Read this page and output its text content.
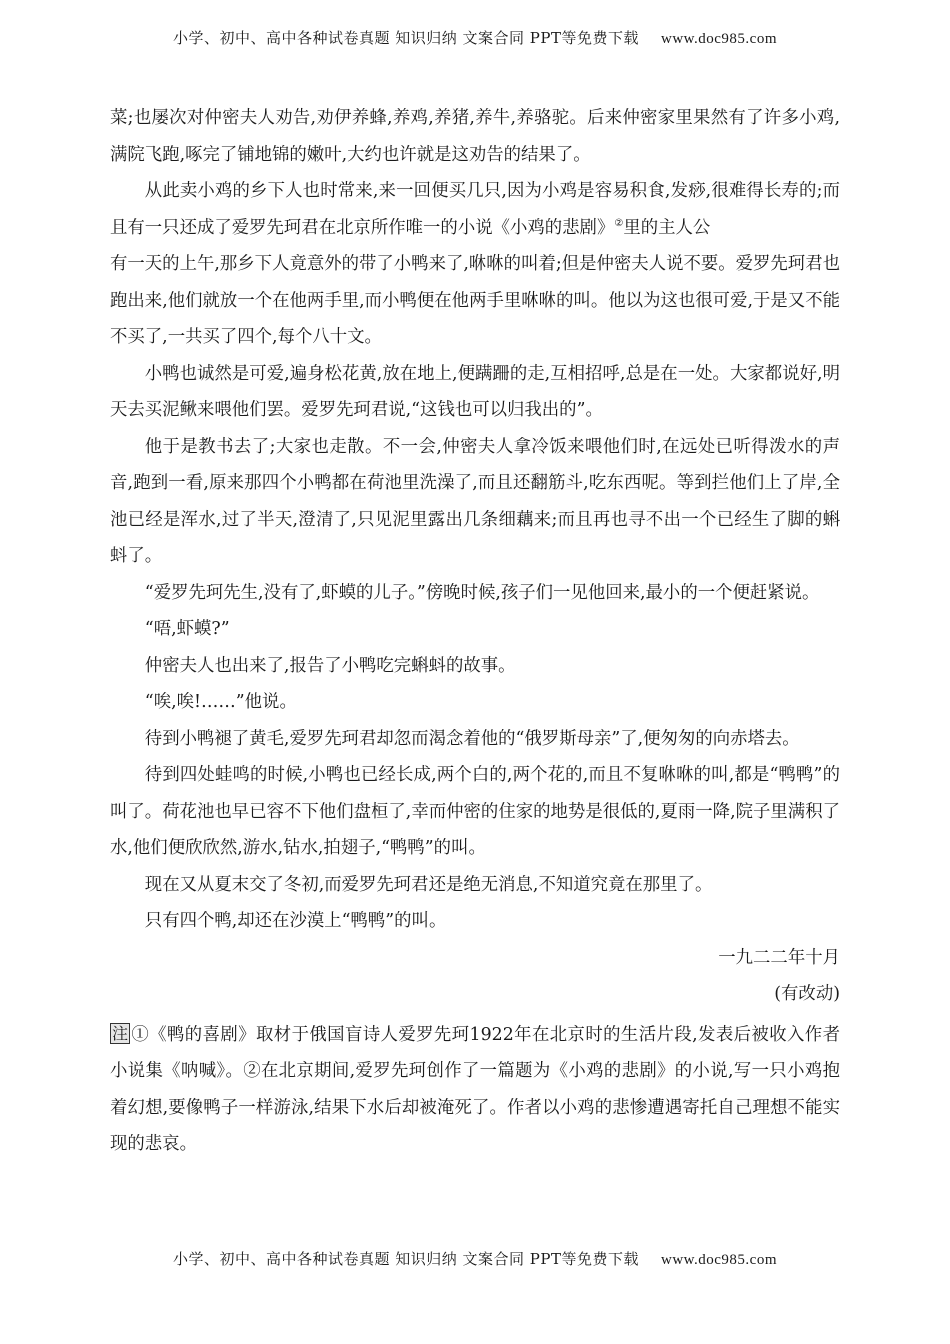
小学、初中、高中各种试卷真题 知识归纳 文案合同 PPT等免费下载 www.doc985.com

菜;也屡次对仲密夫人劝告,劝伊养蜂,养鸡,养猪,养牛,养骆驼。后来仲密家里果然有了许多小鸡,满院飞跑,啄完了铺地锦的嫩叶,大约也许就是这劝告的结果了。

从此卖小鸡的乡下人也时常来,来一回便买几只,因为小鸡是容易积食,发痧,很难得长寿的;而且有一只还成了爱罗先珂君在北京所作唯一的小说《小鸡的悲剧》②里的主人公

有一天的上午,那乡下人竟意外的带了小鸭来了,咻咻的叫着;但是仲密夫人说不要。爱罗先珂君也跑出来,他们就放一个在他两手里,而小鸭便在他两手里咻咻的叫。他以为这也很可爱,于是又不能不买了,一共买了四个,每个八十文。

小鸭也诚然是可爱,遍身松花黄,放在地上,便蹒跚的走,互相招呼,总是在一处。大家都说好,明天去买泥鳅来喂他们罢。爱罗先珂君说,“这钱也可以归我出的”。

他于是教书去了;大家也走散。不一会,仲密夫人拿冷饭来喂他们时,在远处已听得泼水的声音,跑到一看,原来那四个小鸭都在荷池里洗澡了,而且还翻筋斗,吃东西呢。等到拦他们上了岸,全池已经是浑水,过了半天,澄清了,只见泥里露出几条细藕来;而且再也寻不出一个已经生了脚的蝌蚪了。

“爱罗先珂先生,没有了,虾蟆的儿子。”傍晚时候,孩子们一见他回来,最小的一个便赶紧说。

“唔,虾蟆?”

仲密夫人也出来了,报告了小鸭吃完蝌蚪的故事。

“唉,唉!……”他说。

待到小鸭褪了黄毛,爱罗先珂君却忽而渴念着他的“俄罗斯母亲”了,便匆匆的向赤塔去。

待到四处蛙鸣的时候,小鸭也已经长成,两个白的,两个花的,而且不复咻咻的叫,都是“鸭鸭”的叫了。荷花池也早已容不下他们盘桓了,幸而仲密的住家的地势是很低的,夏雨一降,院子里满积了水,他们便欣欣然,游水,钻水,拍翅子,“鸭鸭”的叫。

现在又从夏末交了冬初,而爱罗先珂君还是绝无消息,不知道究竟在那里了。

只有四个鸭,却还在沙漠上“鸭鸭”的叫。

一九二二年十月

(有改动)

注 ①《鸭的喜剧》取材于俄国盲诗人爱罗先珂1922年在北京时的生活片段,发表后被收入作者小说集《呐喊》。②在北京期间,爱罗先珂创作了一篇题为《小鸡的悲剧》的小说,写一只小鸡抱着幻想,要像鸭子一样游泳,结果下水后却被淹死了。作者以小鸡的悲惨遭遇寄托自己理想不能实现的悲哀。
小学、初中、高中各种试卷真题 知识归纳 文案合同 PPT等免费下载 www.doc985.com
